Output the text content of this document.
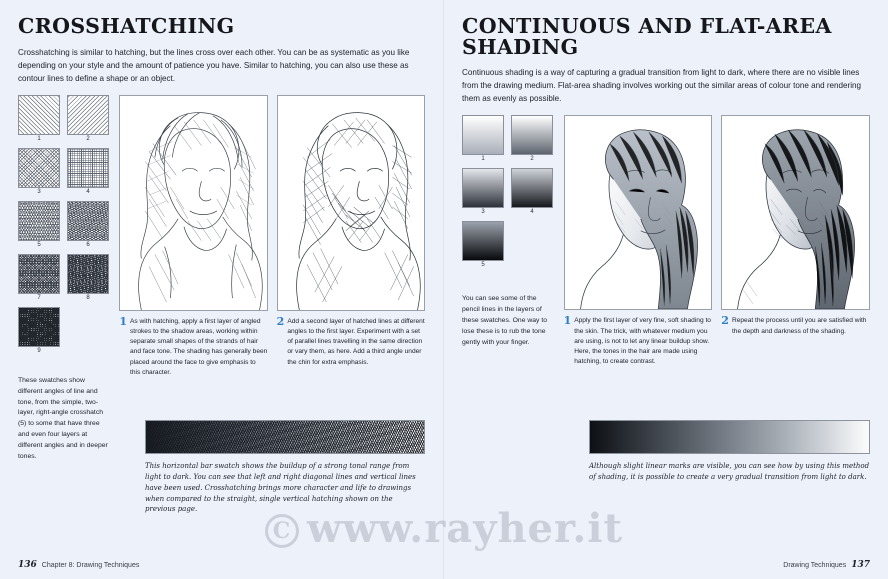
CROSSHATCHING

Crosshatching is similar to hatching, but the lines cross over each other. You can be as systematic as you like depending on your style and the amount of patience you have. Similar to hatching, you can also use these as contour lines to define a shape or an object.

1	2
3	4
5	6
7	8
9

These swatches show different angles of line and tone, from the simple, two-layer, right-angle crosshatch (5) to some that have three and even four layers at different angles and in deeper tones.

1 As with hatching, apply a first layer of angled strokes to the shadow areas, working within separate small shapes of the strands of hair and face tone. The shading has generally been placed around the face to give emphasis to this character.
2 Add a second layer of hatched lines at different angles to the first layer. Experiment with a set of parallel lines travelling in the same direction or vary them, as here. Add a third angle under the chin for extra emphasis.

This horizontal bar swatch shows the buildup of a strong tonal range from light to dark. You can see that left and right diagonal lines and vertical lines have been used. Crosshatching brings more character and life to drawings when compared to the straight, single vertical hatching shown on the previous page.

136 Chapter 8: Drawing Techniques
CONTINUOUS AND FLAT-AREA SHADING

Continuous shading is a way of capturing a gradual transition from light to dark, where there are no visible lines from the drawing medium. Flat-area shading involves working out the similar areas of colour tone and rendering them as evenly as possible.

1	2
3	4
5

You can see some of the pencil lines in the layers of these swatches. One way to lose these is to rub the tone gently with your finger.

1 Apply the first layer of very fine, soft shading to the skin. The trick, with whatever medium you are using, is not to let any linear buildup show. Here, the tones in the hair are made using hatching, to create contrast.
2 Repeat the process until you are satisfied with the depth and darkness of the shading.

Although slight linear marks are visible, you can see how by using this method of shading, it is possible to create a very gradual transition from light to dark.

Drawing Techniques 137
C www.rayher.it
